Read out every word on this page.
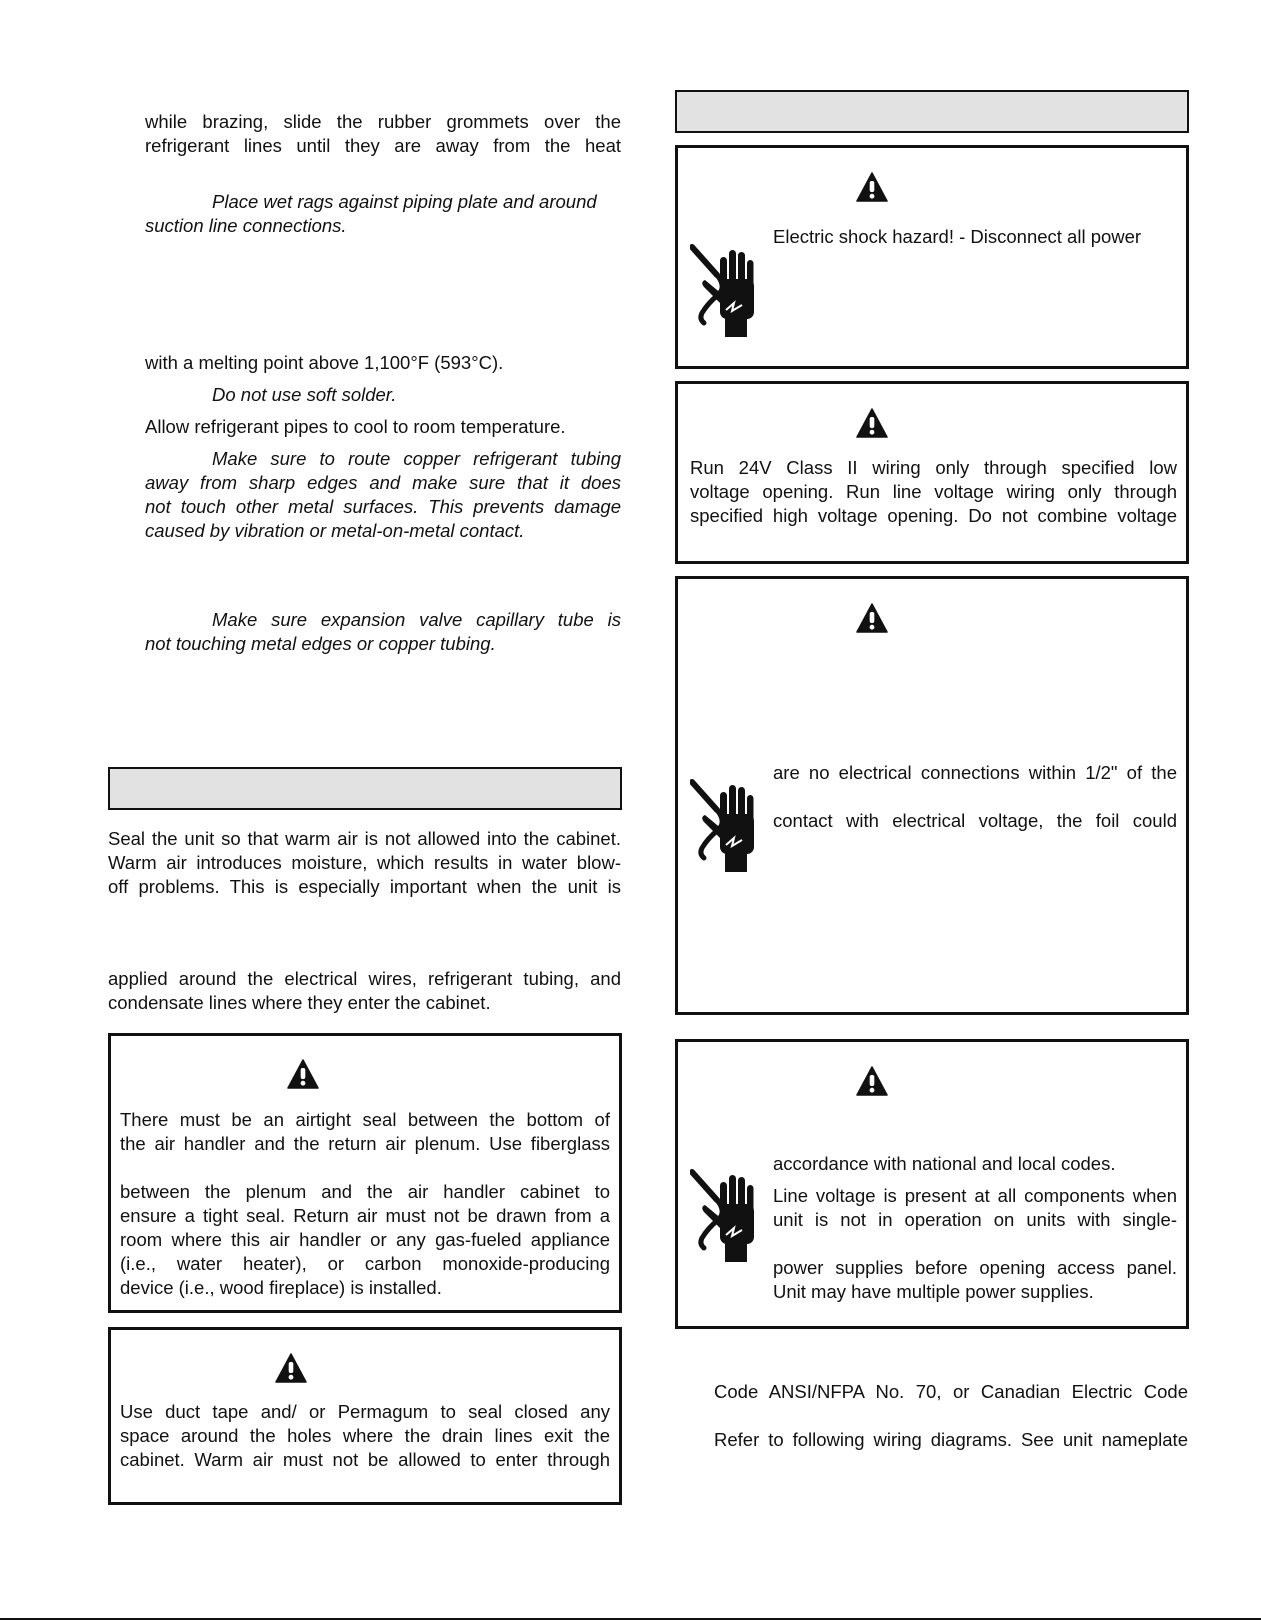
while brazing, slide the rubber grommets over the
refrigerant lines until they are away from the heat
Place wet rags against piping plate and around
suction line connections.
with a melting point above 1,100°F (593°C).
Do not use soft solder.
Allow refrigerant pipes to cool to room temperature.
Make sure to route copper refrigerant tubing
away from sharp edges and make sure that it does
not touch other metal surfaces. This prevents damage
caused by vibration or metal-on-metal contact.
Make sure expansion valve capillary tube is
not touching metal edges or copper tubing.
Seal the unit so that warm air is not allowed into the cabinet.
Warm air introduces moisture, which results in water blow-
off problems. This is especially important when the unit is
applied around the electrical wires, refrigerant tubing, and
condensate lines where they enter the cabinet.
There must be an airtight seal between the bottom of
the air handler and the return air plenum. Use fiberglass
between the plenum and the air handler cabinet to
ensure a tight seal. Return air must not be drawn from a
room where this air handler or any gas-fueled appliance
(i.e., water heater), or carbon monoxide-producing
device (i.e., wood fireplace) is installed.
Use duct tape and/ or Permagum to seal closed any
space around the holes where the drain lines exit the
cabinet. Warm air must not be allowed to enter through
Electric shock hazard! - Disconnect all power
Run 24V Class II wiring only through specified low
voltage opening. Run line voltage wiring only through
specified high voltage opening. Do not combine voltage
are no electrical connections within 1/2" of the
contact with electrical voltage, the foil could
accordance with national and local codes.
Line voltage is present at all components when
unit is not in operation on units with single-
power supplies before opening access panel.
Unit may have multiple power supplies.
Code ANSI/NFPA No. 70, or Canadian Electric Code
Refer to following wiring diagrams. See unit nameplate
